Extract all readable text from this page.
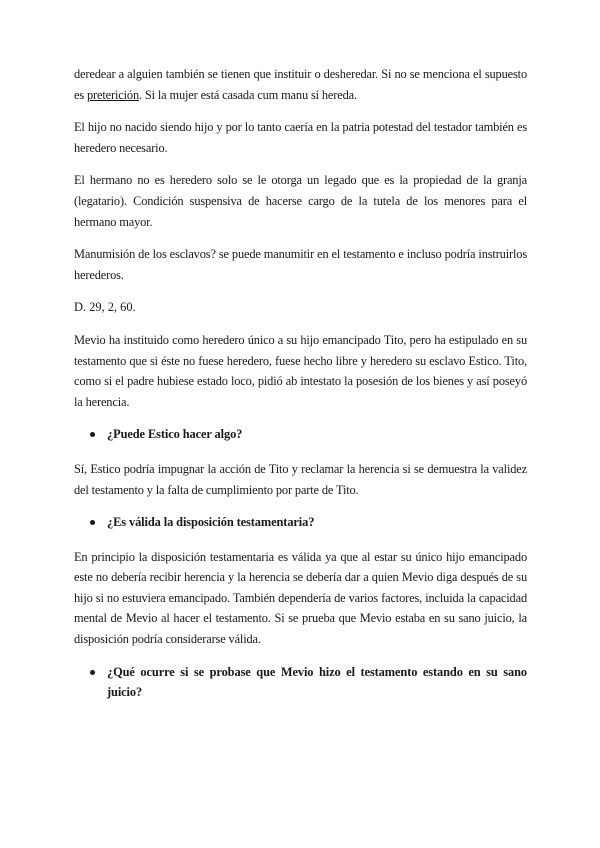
deredear a alguien también se tienen que instituir o desheredar. Si no se menciona el supuesto es preterición. Si la mujer está casada cum manu sí hereda.

El hijo no nacido siendo hijo y por lo tanto caería en la patria potestad del testador también es heredero necesario.

El hermano no es heredero solo se le otorga un legado que es la propiedad de la granja (legatario). Condición suspensiva de hacerse cargo de la tutela de los menores para el hermano mayor.

Manumisión de los esclavos? se puede manumitir en el testamento e incluso podría instruirlos herederos.

D. 29, 2, 60.

Mevio ha instituido como heredero único a su hijo emancipado Tito, pero ha estipulado en su testamento que si éste no fuese heredero, fuese hecho libre y heredero su esclavo Estico. Tito, como si el padre hubiese estado loco, pidió ab intestato la posesión de los bienes y así poseyó la herencia.

¿Puede Estico hacer algo?

Sí, Estico podría impugnar la acción de Tito y reclamar la herencia si se demuestra la validez del testamento y la falta de cumplimiento por parte de Tito.

¿Es válida la disposición testamentaria?

En principio la disposición testamentaria es válida ya que al estar su único hijo emancipado este no debería recibir herencia y la herencia se debería dar a quien Mevio diga después de su hijo si no estuviera emancipado. También dependería de varios factores, incluida la capacidad mental de Mevio al hacer el testamento. Si se prueba que Mevio estaba en su sano juicio, la disposición podría considerarse válida.

¿Qué ocurre si se probase que Mevio hizo el testamento estando en su sano juicio?
